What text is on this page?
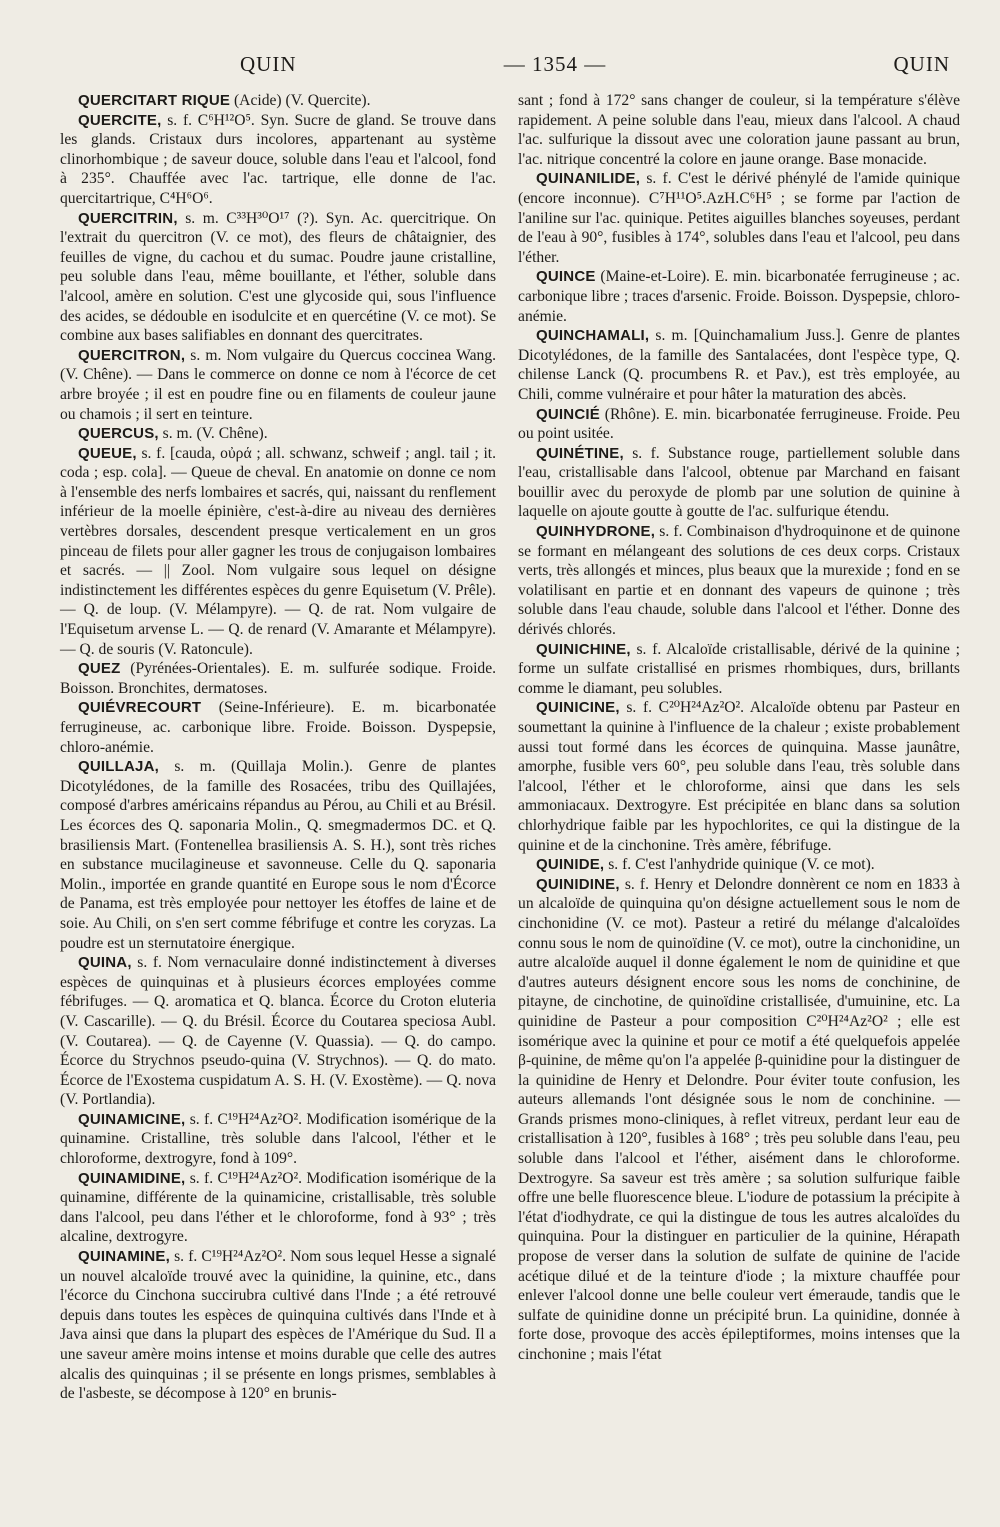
QUIN	— 1354 —	QUIN

QUERCITART RIQUE (Acide) (V. Quercite).

QUERCITE, s. f. C⁶H¹²O⁵. Syn. Sucre de gland. Se trouve dans les glands. Cristaux durs incolores, appartenant au système clinorhombique ; de saveur douce, soluble dans l'eau et l'alcool, fond à 235°. Chauffée avec l'ac. tartrique, elle donne de l'ac. quercitartrique, C⁴H⁶O⁶.

QUERCITRIN, s. m. C³³H³⁰O¹⁷ (?). Syn. Ac. quercitrique. On l'extrait du quercitron (V. ce mot), des fleurs de châtaignier, des feuilles de vigne, du cachou et du sumac. Poudre jaune cristalline, peu soluble dans l'eau, même bouillante, et l'éther, soluble dans l'alcool, amère en solution. C'est une glycoside qui, sous l'influence des acides, se dédouble en isodulcite et en quercétine (V. ce mot). Se combine aux bases salifiables en donnant des quercitrates.

QUERCITRON, s. m. Nom vulgaire du Quercus coccinea Wang. (V. Chêne). — Dans le commerce on donne ce nom à l'écorce de cet arbre broyée ; il est en poudre fine ou en filaments de couleur jaune ou chamois ; il sert en teinture.

QUERCUS, s. m. (V. Chêne).

QUEUE, s. f. [cauda, οὐρά ; all. schwanz, schweif ; angl. tail ; it. coda ; esp. cola]. — Queue de cheval. En anatomie on donne ce nom à l'ensemble des nerfs lombaires et sacrés, qui, naissant du renflement inférieur de la moelle épinière, c'est-à-dire au niveau des dernières vertèbres dorsales, descendent presque verticalement en un gros pinceau de filets pour aller gagner les trous de conjugaison lombaires et sacrés. — || Zool. Nom vulgaire sous lequel on désigne indistinctement les différentes espèces du genre Equisetum (V. Prêle). — Q. de loup. (V. Mélampyre). — Q. de rat. Nom vulgaire de l'Equisetum arvense L. — Q. de renard (V. Amarante et Mélampyre). — Q. de souris (V. Ratoncule).

QUEZ (Pyrénées-Orientales). E. m. sulfurée sodique. Froide. Boisson. Bronchites, dermatoses.

QUIÉVRECOURT (Seine-Inférieure). E. m. bicarbonatée ferrugineuse, ac. carbonique libre. Froide. Boisson. Dyspepsie, chloro-anémie.

QUILLAJA, s. m. (Quillaja Molin.). Genre de plantes Dicotylédones, de la famille des Rosacées, tribu des Quillajées, composé d'arbres américains répandus au Pérou, au Chili et au Brésil. Les écorces des Q. saponaria Molin., Q. smegmadermos DC. et Q. brasiliensis Mart. (Fontenellea brasiliensis A. S. H.), sont très riches en substance mucilagineuse et savonneuse. Celle du Q. saponaria Molin., importée en grande quantité en Europe sous le nom d'Écorce de Panama, est très employée pour nettoyer les étoffes de laine et de soie. Au Chili, on s'en sert comme fébrifuge et contre les coryzas. La poudre est un sternutatoire énergique.

QUINA, s. f. Nom vernaculaire donné indistinctement à diverses espèces de quinquinas et à plusieurs écorces employées comme fébrifuges. — Q. aromatica et Q. blanca. Écorce du Croton eluteria (V. Cascarille). — Q. du Brésil. Écorce du Coutarea speciosa Aubl. (V. Coutarea). — Q. de Cayenne (V. Quassia). — Q. do campo. Écorce du Strychnos pseudo-quina (V. Strychnos). — Q. do mato. Écorce de l'Exostema cuspidatum A. S. H. (V. Exostème). — Q. nova (V. Portlandia).

QUINAMICINE, s. f. C¹⁹H²⁴Az²O². Modification isomérique de la quinamine. Cristalline, très soluble dans l'alcool, l'éther et le chloroforme, dextrogyre, fond à 109°.

QUINAMIDINE, s. f. C¹⁹H²⁴Az²O². Modification isomérique de la quinamine, différente de la quinamicine, cristallisable, très soluble dans l'alcool, peu dans l'éther et le chloroforme, fond à 93° ; très alcaline, dextrogyre.

QUINAMINE, s. f. C¹⁹H²⁴Az²O². Nom sous lequel Hesse a signalé un nouvel alcaloïde trouvé avec la quinidine, la quinine, etc., dans l'écorce du Cinchona succirubra cultivé dans l'Inde ; a été retrouvé depuis dans toutes les espèces de quinquina cultivés dans l'Inde et à Java ainsi que dans la plupart des espèces de l'Amérique du Sud. Il a une saveur amère moins intense et moins durable que celle des autres alcalis des quinquinas ; il se présente en longs prismes, semblables à de l'asbeste, se décompose à 120° en brunis-

sant ; fond à 172° sans changer de couleur, si la température s'élève rapidement. A peine soluble dans l'eau, mieux dans l'alcool. A chaud l'ac. sulfurique la dissout avec une coloration jaune passant au brun, l'ac. nitrique concentré la colore en jaune orange. Base monacide.

QUINANILIDE, s. f. C'est le dérivé phénylé de l'amide quinique (encore inconnue). C⁷H¹¹O⁵.AzH.C⁶H⁵ ; se forme par l'action de l'aniline sur l'ac. quinique. Petites aiguilles blanches soyeuses, perdant de l'eau à 90°, fusibles à 174°, solubles dans l'eau et l'alcool, peu dans l'éther.

QUINCE (Maine-et-Loire). E. min. bicarbonatée ferrugineuse ; ac. carbonique libre ; traces d'arsenic. Froide. Boisson. Dyspepsie, chloro-anémie.

QUINCHAMALI, s. m. [Quinchamalium Juss.]. Genre de plantes Dicotylédones, de la famille des Santalacées, dont l'espèce type, Q. chilense Lanck (Q. procumbens R. et Pav.), est très employée, au Chili, comme vulnéraire et pour hâter la maturation des abcès.

QUINCIÉ (Rhône). E. min. bicarbonatée ferrugineuse. Froide. Peu ou point usitée.

QUINÉTINE, s. f. Substance rouge, partiellement soluble dans l'eau, cristallisable dans l'alcool, obtenue par Marchand en faisant bouillir avec du peroxyde de plomb par une solution de quinine à laquelle on ajoute goutte à goutte de l'ac. sulfurique étendu.

QUINHYDRONE, s. f. Combinaison d'hydroquinone et de quinone se formant en mélangeant des solutions de ces deux corps. Cristaux verts, très allongés et minces, plus beaux que la murexide ; fond en se volatilisant en partie et en donnant des vapeurs de quinone ; très soluble dans l'eau chaude, soluble dans l'alcool et l'éther. Donne des dérivés chlorés.

QUINICHINE, s. f. Alcaloïde cristallisable, dérivé de la quinine ; forme un sulfate cristallisé en prismes rhombiques, durs, brillants comme le diamant, peu solubles.

QUINICINE, s. f. C²⁰H²⁴Az²O². Alcaloïde obtenu par Pasteur en soumettant la quinine à l'influence de la chaleur ; existe probablement aussi tout formé dans les écorces de quinquina. Masse jaunâtre, amorphe, fusible vers 60°, peu soluble dans l'eau, très soluble dans l'alcool, l'éther et le chloroforme, ainsi que dans les sels ammoniacaux. Dextrogyre. Est précipitée en blanc dans sa solution chlorhydrique faible par les hypochlorites, ce qui la distingue de la quinine et de la cinchonine. Très amère, fébrifuge.

QUINIDE, s. f. C'est l'anhydride quinique (V. ce mot).

QUINIDINE, s. f. Henry et Delondre donnèrent ce nom en 1833 à un alcaloïde de quinquina qu'on désigne actuellement sous le nom de cinchonidine (V. ce mot). Pasteur a retiré du mélange d'alcaloïdes connu sous le nom de quinoïdine (V. ce mot), outre la cinchonidine, un autre alcaloïde auquel il donne également le nom de quinidine et que d'autres auteurs désignent encore sous les noms de conchinine, de pitayne, de cinchotine, de quinoïdine cristallisée, d'umuinine, etc. La quinidine de Pasteur a pour composition C²⁰H²⁴Az²O² ; elle est isomérique avec la quinine et pour ce motif a été quelquefois appelée β-quinine, de même qu'on l'a appelée β-quinidine pour la distinguer de la quinidine de Henry et Delondre. Pour éviter toute confusion, les auteurs allemands l'ont désignée sous le nom de conchinine. — Grands prismes mono-cliniques, à reflet vitreux, perdant leur eau de cristallisation à 120°, fusibles à 168° ; très peu soluble dans l'eau, peu soluble dans l'alcool et l'éther, aisément dans le chloroforme. Dextrogyre. Sa saveur est très amère ; sa solution sulfurique faible offre une belle fluorescence bleue. L'iodure de potassium la précipite à l'état d'iodhydrate, ce qui la distingue de tous les autres alcaloïdes du quinquina. Pour la distinguer en particulier de la quinine, Hérapath propose de verser dans la solution de sulfate de quinine de l'acide acétique dilué et de la teinture d'iode ; la mixture chauffée pour enlever l'alcool donne une belle couleur vert émeraude, tandis que le sulfate de quinidine donne un précipité brun. La quinidine, donnée à forte dose, provoque des accès épileptiformes, moins intenses que la cinchonine ; mais l'état
